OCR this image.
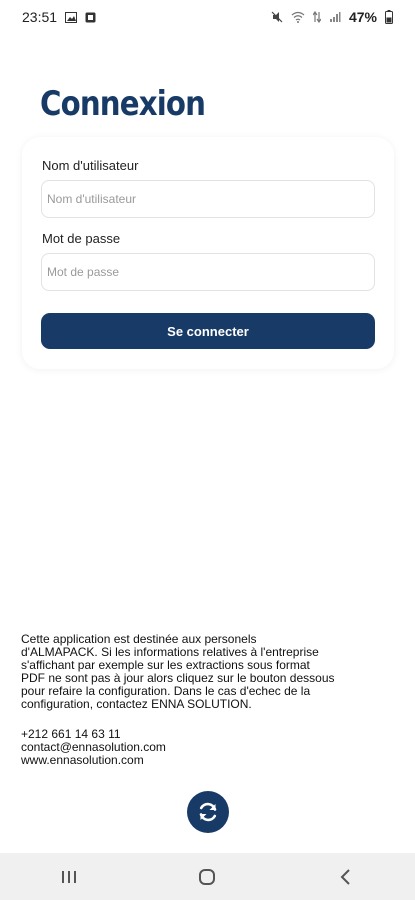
23:51	47%
Connexion
Nom d'utilisateur
Nom d'utilisateur
Mot de passe
Se connecter
Cette application est destinée aux personels
d'ALMAPACK. Si les informations relatives à l'entreprise
s'affichant par exemple sur les extractions sous format
PDF ne sont pas à jour alors cliquez sur le bouton dessous
pour refaire la configuration. Dans le cas d'echec de la
configuration, contactez ENNA SOLUTION.
+212 661 14 63 11
contact@ennasolution.com
www.ennasolution.com
